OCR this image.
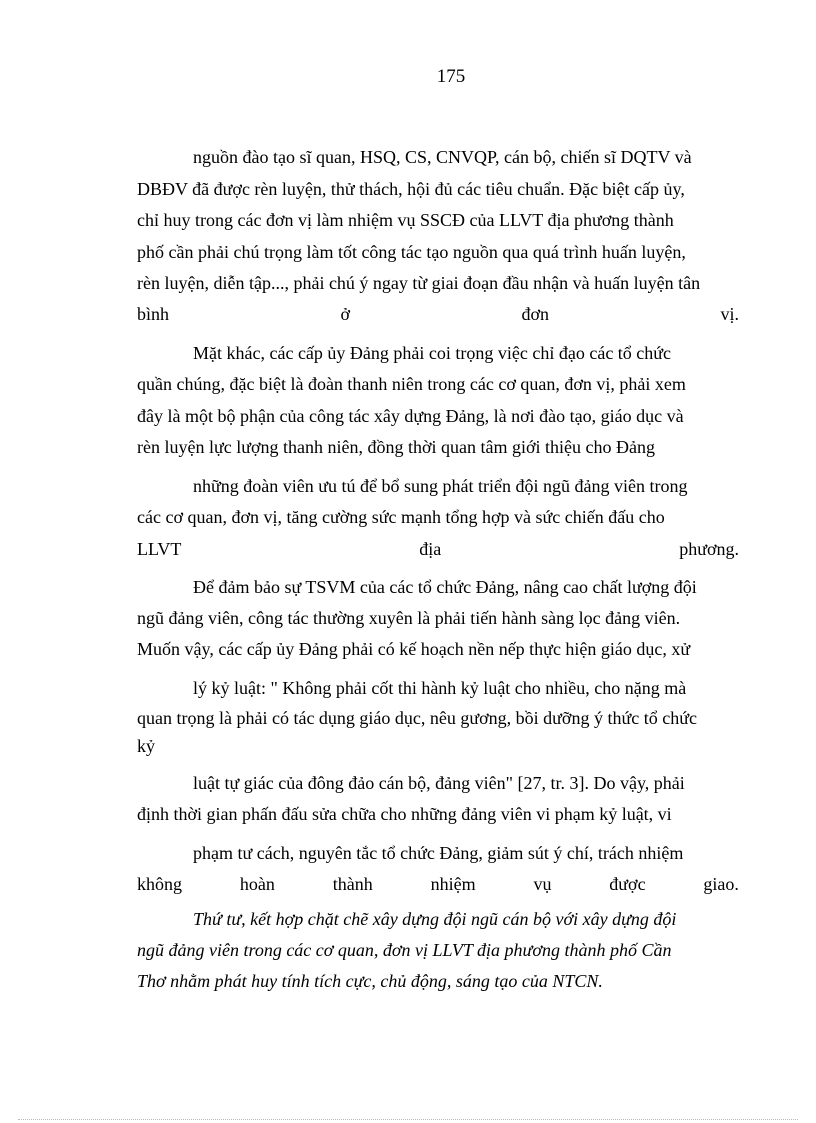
175
nguồn đào tạo sĩ quan, HSQ, CS, CNVQP, cán bộ, chiến sĩ DQTV và
DBĐV đã được rèn luyện, thử thách, hội đủ các tiêu chuẩn. Đặc biệt cấp ủy,
chỉ huy trong các đơn vị làm nhiệm vụ SSCĐ của LLVT địa phương thành
phố cần phải chú trọng làm tốt công tác tạo nguồn qua quá trình huấn luyện,
rèn luyện, diễn tập..., phải chú ý ngay từ giai đoạn đầu nhận và huấn luyện tân
bình	ở	đơn	vị.
Mặt khác, các cấp ủy Đảng phải coi trọng việc chỉ đạo các tổ chức
quần chúng, đặc biệt là đoàn thanh niên trong các cơ quan, đơn vị, phải xem
đây là một bộ phận của công tác xây dựng Đảng, là nơi đào tạo, giáo dục và
rèn luyện lực lượng thanh niên, đồng thời quan tâm giới thiệu cho Đảng
những đoàn viên ưu tú để bổ sung phát triển đội ngũ đảng viên trong
các cơ quan, đơn vị, tăng cường sức mạnh tổng hợp và sức chiến đấu cho
LLVT	địa	phương.
Để đảm bảo sự TSVM của các tổ chức Đảng, nâng cao chất lượng đội
ngũ đảng viên, công tác thường xuyên là phải tiến hành sàng lọc đảng viên.
Muốn vậy, các cấp ủy Đảng phải có kế hoạch nền nếp thực hiện giáo dục, xử
lý kỷ luật: " Không phải cốt thi hành kỷ luật cho nhiều, cho nặng mà
quan trọng là phải có tác dụng giáo dục, nêu gương, bồi dưỡng ý thức tổ chức
kỷ
luật tự giác của đông đảo cán bộ, đảng viên" [27, tr. 3]. Do vậy, phải
định thời gian phấn đấu sửa chữa cho những đảng viên vi phạm kỷ luật, vi
phạm tư cách, nguyên tắc tổ chức Đảng, giảm sút ý chí, trách nhiệm
không	hoàn	thành	nhiệm	vụ	được	giao.
Thứ tư, kết hợp chặt chẽ xây dựng đội ngũ cán bộ với xây dựng đội
ngũ đảng viên trong các cơ quan, đơn vị LLVT địa phương thành phố Cần
Thơ nhằm phát huy tính tích cực, chủ động, sáng tạo của NTCN.
